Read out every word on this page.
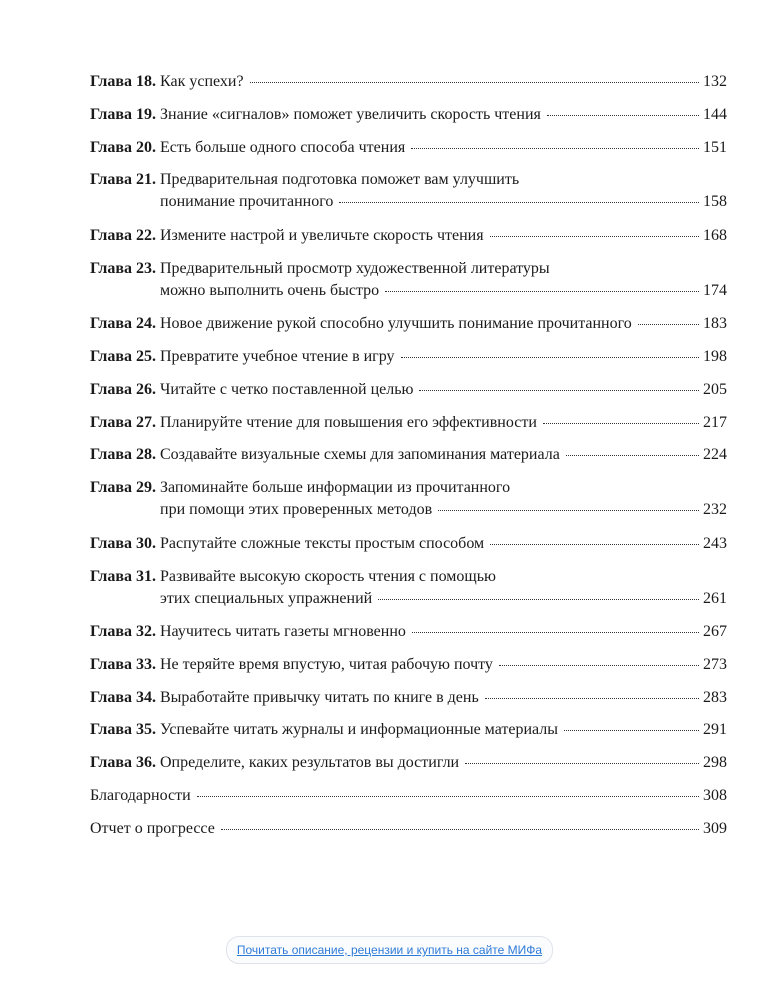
Глава 18. Как успехи?	132
Глава 19. Знание «сигналов» поможет увеличить скорость чтения	144
Глава 20. Есть больше одного способа чтения	151
Глава 21. Предварительная подготовка поможет вам улучшить
понимание прочитанного	158
Глава 22. Измените настрой и увеличьте скорость чтения	168
Глава 23. Предварительный просмотр художественной литературы
можно выполнить очень быстро	174
Глава 24. Новое движение рукой способно улучшить понимание прочитанного	183
Глава 25. Превратите учебное чтение в игру	198
Глава 26. Читайте с четко поставленной целью	205
Глава 27. Планируйте чтение для повышения его эффективности	217
Глава 28. Создавайте визуальные схемы для запоминания материала	224
Глава 29. Запоминайте больше информации из прочитанного
при помощи этих проверенных методов	232
Глава 30. Распутайте сложные тексты простым способом	243
Глава 31. Развивайте высокую скорость чтения с помощью
этих специальных упражнений	261
Глава 32. Научитесь читать газеты мгновенно	267
Глава 33. Не теряйте время впустую, читая рабочую почту	273
Глава 34. Выработайте привычку читать по книге в день	283
Глава 35. Успевайте читать журналы и информационные материалы	291
Глава 36. Определите, каких результатов вы достигли	298
Благодарности	308
Отчет о прогрессе	309
Почитать описание, рецензии и купить на сайте МИФа
